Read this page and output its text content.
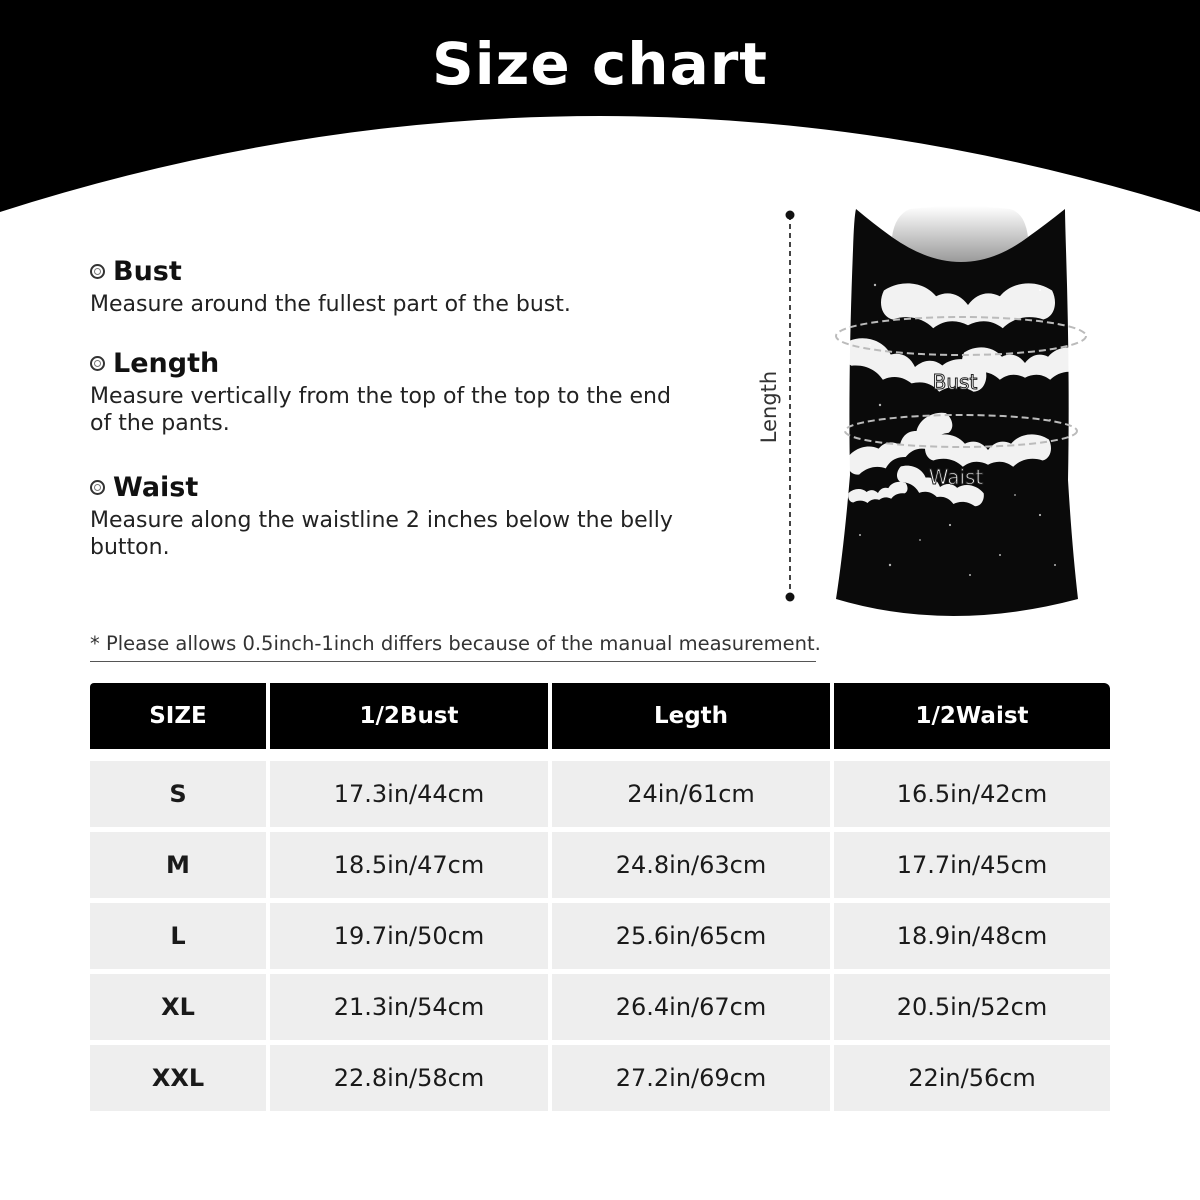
Size chart
Bust
Measure around the fullest part of the bust.
Length
Measure vertically from the top of the top to the end of the pants.
Waist
Measure along the waistline 2 inches below the belly button.
Length	Bust
Waist
* Please allows 0.5inch-1inch differs because of the manual measurement.
SIZE	1/2Bust	Legth	1/2Waist
S	17.3in/44cm	24in/61cm	16.5in/42cm
M	18.5in/47cm	24.8in/63cm	17.7in/45cm
L	19.7in/50cm	25.6in/65cm	18.9in/48cm
XL	21.3in/54cm	26.4in/67cm	20.5in/52cm
XXL	22.8in/58cm	27.2in/69cm	22in/56cm
